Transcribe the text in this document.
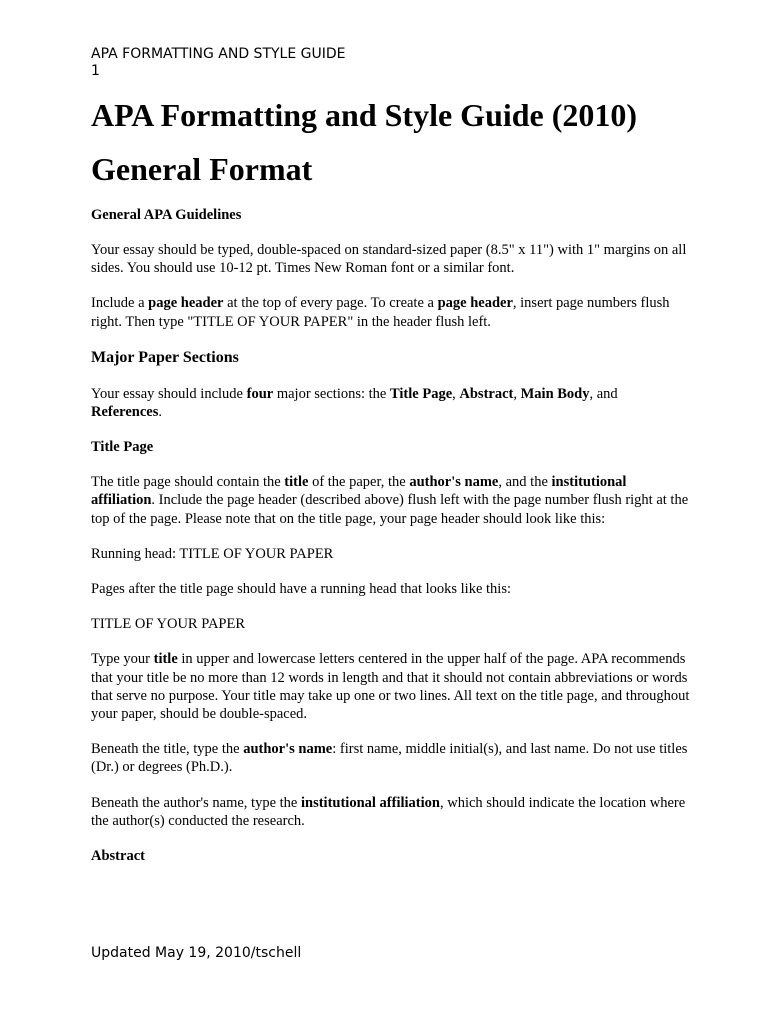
APA FORMATTING AND STYLE GUIDE
1
APA Formatting and Style Guide (2010)
General Format
General APA Guidelines

Your essay should be typed, double-spaced on standard-sized paper (8.5" x 11") with 1" margins on all sides. You should use 10-12 pt. Times New Roman font or a similar font.

Include a page header at the top of every page. To create a page header, insert page numbers flush right. Then type "TITLE OF YOUR PAPER" in the header flush left.

Major Paper Sections

Your essay should include four major sections: the Title Page, Abstract, Main Body, and References.

Title Page

The title page should contain the title of the paper, the author's name, and the institutional affiliation. Include the page header (described above) flush left with the page number flush right at the top of the page. Please note that on the title page, your page header should look like this:

Running head: TITLE OF YOUR PAPER

Pages after the title page should have a running head that looks like this:

TITLE OF YOUR PAPER

Type your title in upper and lowercase letters centered in the upper half of the page. APA recommends that your title be no more than 12 words in length and that it should not contain abbreviations or words that serve no purpose. Your title may take up one or two lines. All text on the title page, and throughout your paper, should be double-spaced.

Beneath the title, type the author's name: first name, middle initial(s), and last name. Do not use titles (Dr.) or degrees (Ph.D.).

Beneath the author's name, type the institutional affiliation, which should indicate the location where the author(s) conducted the research.

Abstract
Updated May 19, 2010/tschell
